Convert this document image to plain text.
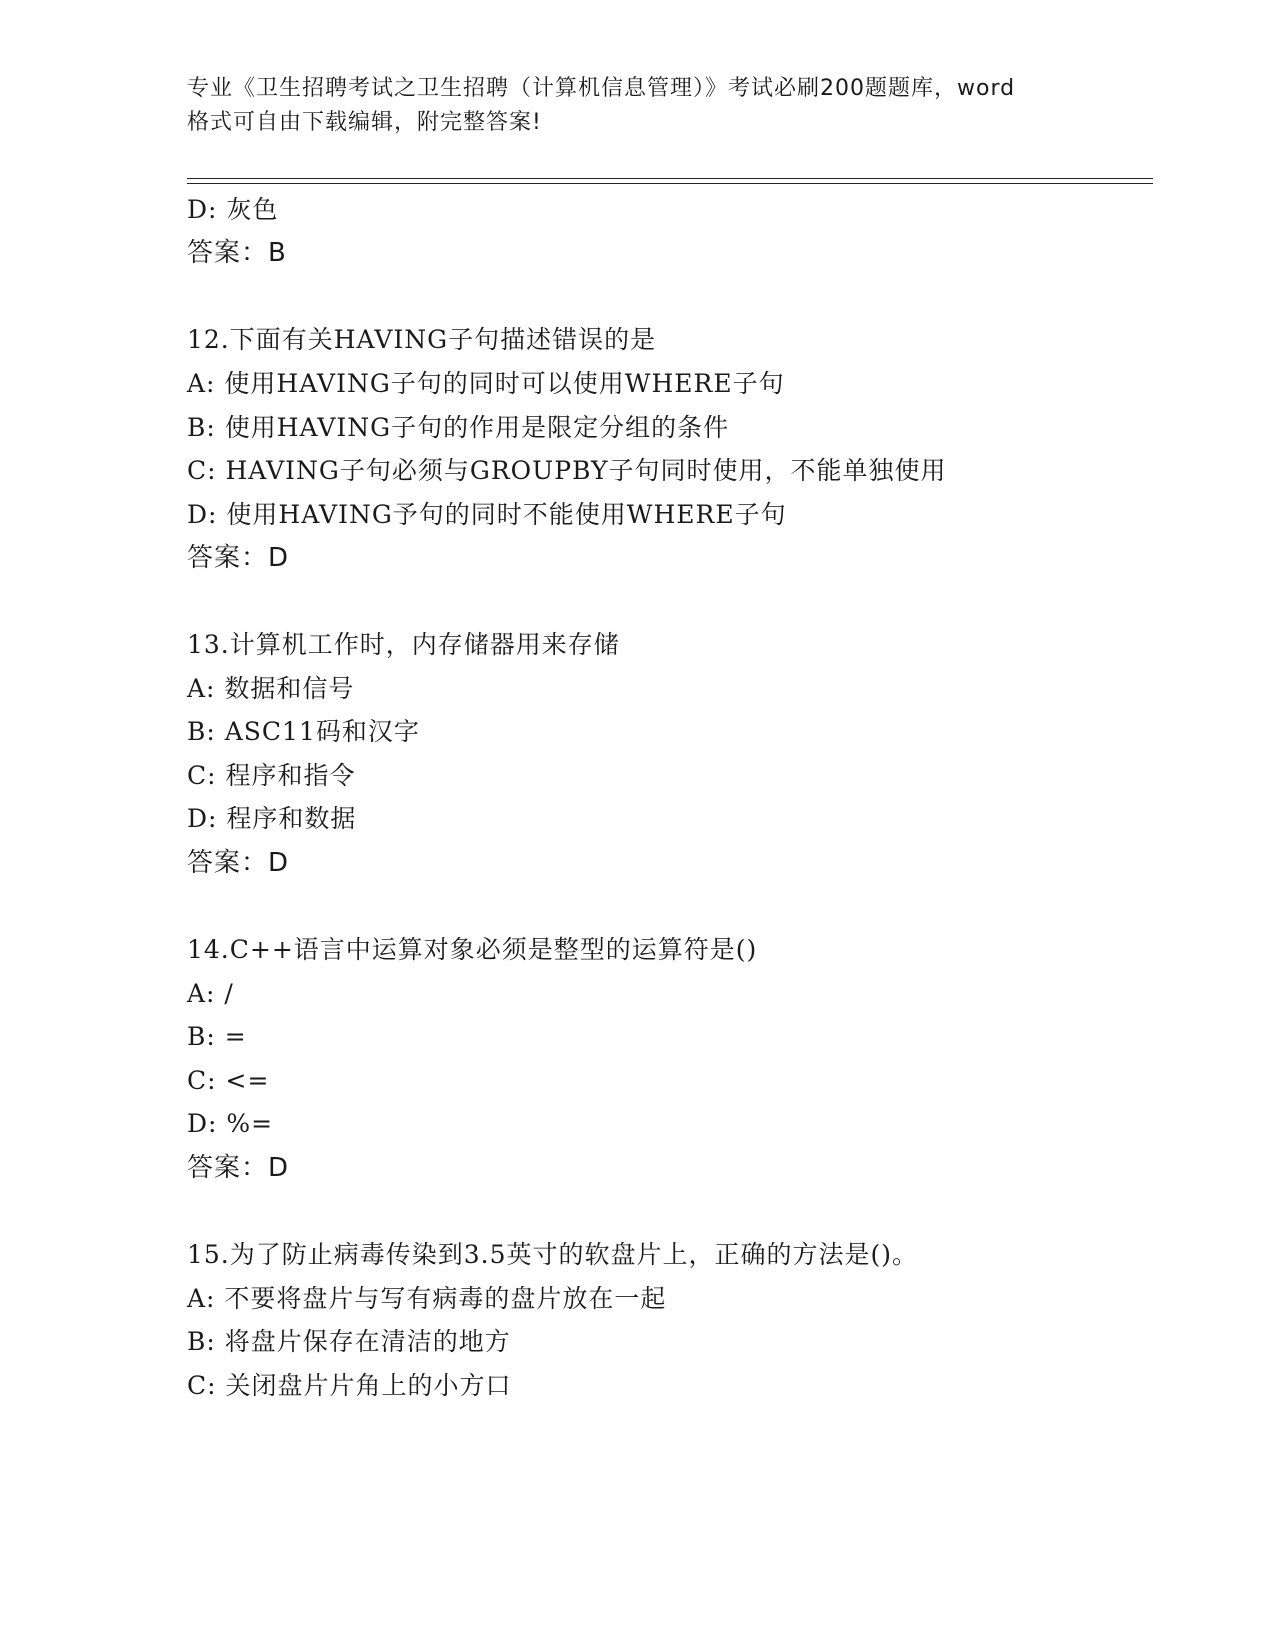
专业《卫生招聘考试之卫生招聘（计算机信息管理）》考试必刷200题题库，word
格式可自由下载编辑，附完整答案!
D: 灰色
答案：B
12.下面有关HAVING子句描述错误的是
A: 使用HAVING子句的同时可以使用WHERE子句
B: 使用HAVING子句的作用是限定分组的条件
C: HAVING子句必须与GROUPBY子句同时使用，不能单独使用
D: 使用HAVING予句的同时不能使用WHERE子句
答案：D
13.计算机工作时，内存储器用来存储
A: 数据和信号
B: ASC11码和汉字
C: 程序和指令
D: 程序和数据
答案：D
14.C++语言中运算对象必须是整型的运算符是()
A: /
B: =
C: <=
D: %=
答案：D
15.为了防止病毒传染到3.5英寸的软盘片上，正确的方法是()。
A: 不要将盘片与写有病毒的盘片放在一起
B: 将盘片保存在清洁的地方
C: 关闭盘片片角上的小方口
